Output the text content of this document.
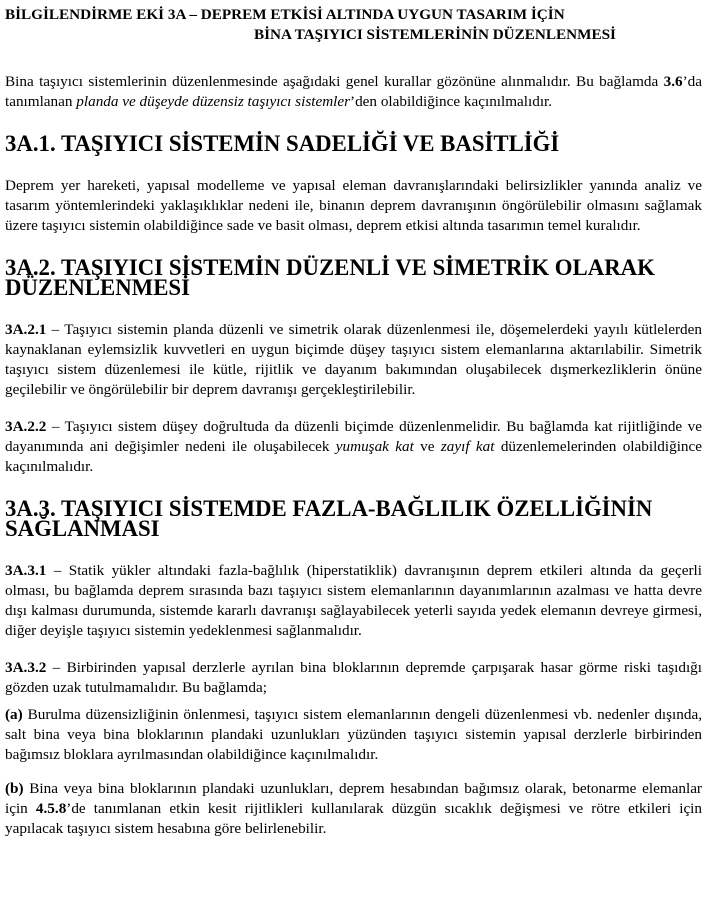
BİLGİLENDİRME EKİ 3A – DEPREM ETKİSİ ALTINDA UYGUN TASARIM İÇİN
BİNA TAŞIYICI SİSTEMLERİNİN DÜZENLENMESİ

Bina taşıyıcı sistemlerinin düzenlenmesinde aşağıdaki genel kurallar gözönüne alınmalıdır. Bu bağlamda 3.6’da tanımlanan planda ve düşeyde düzensiz taşıyıcı sistemler’den olabildiğince kaçınılmalıdır.

3A.1. TAŞIYICI SİSTEMİN SADELİĞİ VE BASİTLİĞİ

Deprem yer hareketi, yapısal modelleme ve yapısal eleman davranışlarındaki belirsizlikler yanında analiz ve tasarım yöntemlerindeki yaklaşıklıklar nedeni ile, binanın deprem davranışının öngörülebilir olmasını sağlamak üzere taşıyıcı sistemin olabildiğince sade ve basit olması, deprem etkisi altında tasarımın temel kuralıdır.

3A.2. TAŞIYICI SİSTEMİN DÜZENLİ VE SİMETRİK OLARAK DÜZENLENMESİ

3A.2.1 – Taşıyıcı sistemin planda düzenli ve simetrik olarak düzenlenmesi ile, döşemelerdeki yayılı kütlelerden kaynaklanan eylemsizlik kuvvetleri en uygun biçimde düşey taşıyıcı sistem elemanlarına aktarılabilir. Simetrik taşıyıcı sistem düzenlemesi ile kütle, rijitlik ve dayanım bakımından oluşabilecek dışmerkezliklerin önüne geçilebilir ve öngörülebilir bir deprem davranışı gerçekleştirilebilir.

3A.2.2 – Taşıyıcı sistem düşey doğrultuda da düzenli biçimde düzenlenmelidir. Bu bağlamda kat rijitliğinde ve dayanımında ani değişimler nedeni ile oluşabilecek yumuşak kat ve zayıf kat düzenlemelerinden olabildiğince kaçınılmalıdır.

3A.3. TAŞIYICI SİSTEMDE FAZLA-BAĞLILIK ÖZELLİĞİNİN SAĞLANMASI

3A.3.1 – Statik yükler altındaki fazla-bağlılık (hiperstatiklik) davranışının deprem etkileri altında da geçerli olması, bu bağlamda deprem sırasında bazı taşıyıcı sistem elemanlarının dayanımlarının azalması ve hatta devre dışı kalması durumunda, sistemde kararlı davranışı sağlayabilecek yeterli sayıda yedek elemanın devreye girmesi, diğer deyişle taşıyıcı sistemin yedeklenmesi sağlanmalıdır.

3A.3.2 – Birbirinden yapısal derzlerle ayrılan bina bloklarının depremde çarpışarak hasar görme riski taşıdığı gözden uzak tutulmamalıdır. Bu bağlamda;

(a) Burulma düzensizliğinin önlenmesi, taşıyıcı sistem elemanlarının dengeli düzenlenmesi vb. nedenler dışında, salt bina veya bina bloklarının plandaki uzunlukları yüzünden taşıyıcı sistemin yapısal derzlerle birbirinden bağımsız bloklara ayrılmasından olabildiğince kaçınılmalıdır.

(b) Bina veya bina bloklarının plandaki uzunlukları, deprem hesabından bağımsız olarak, betonarme elemanlar için 4.5.8’de tanımlanan etkin kesit rijitlikleri kullanılarak düzgün sıcaklık değişmesi ve rötre etkileri için yapılacak taşıyıcı sistem hesabına göre belirlenebilir.
